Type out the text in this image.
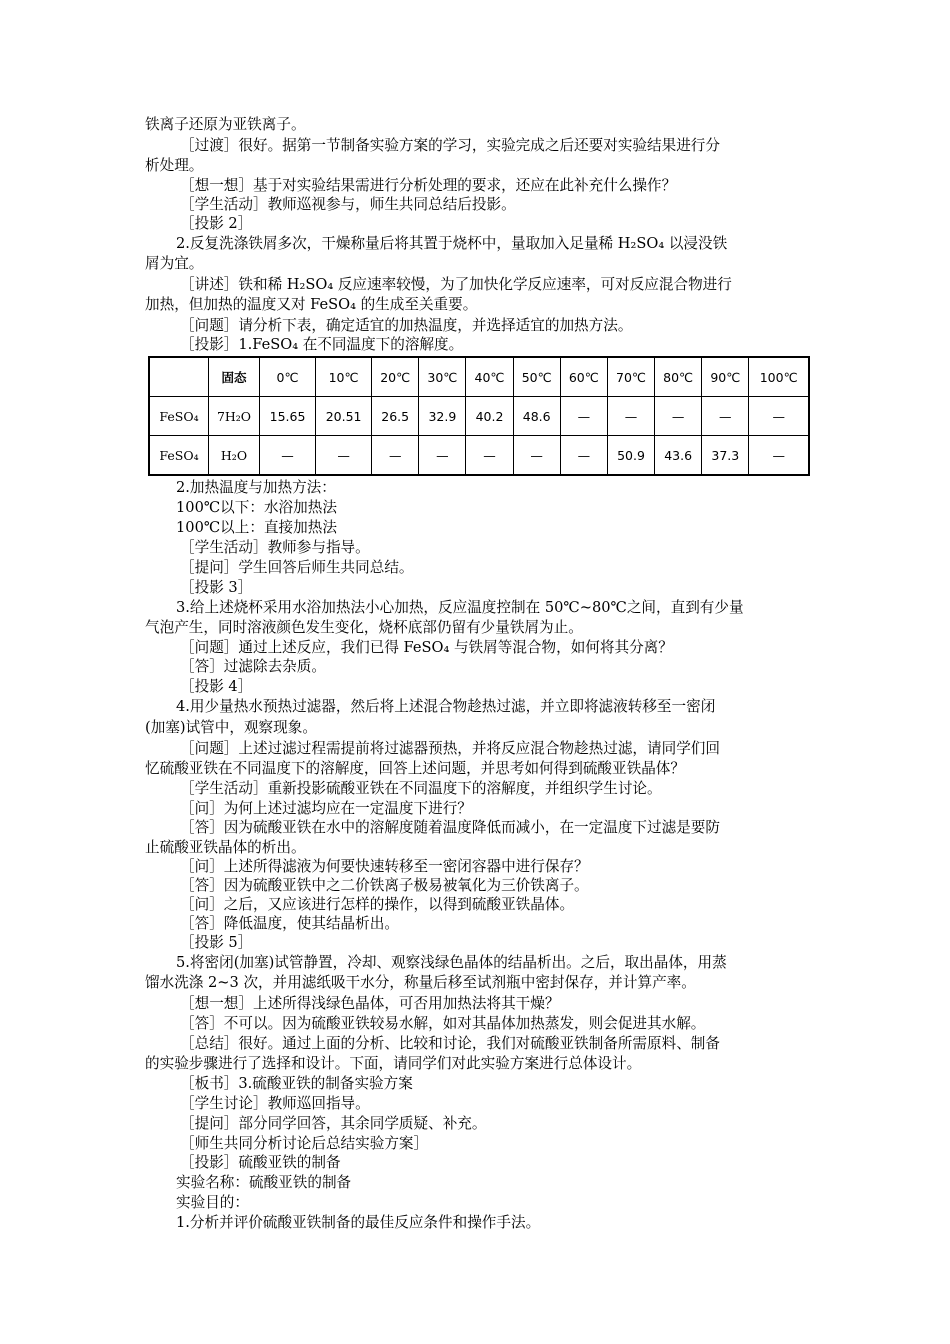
铁离子还原为亚铁离子。
［过渡］很好。据第一节制备实验方案的学习，实验完成之后还要对实验结果进行分
析处理。
［想一想］基于对实验结果需进行分析处理的要求，还应在此补充什么操作？
［学生活动］教师巡视参与，师生共同总结后投影。
［投影 2］
2.反复洗涤铁屑多次，干燥称量后将其置于烧杯中，量取加入足量稀 H₂SO₄ 以浸没铁
屑为宜。
［讲述］铁和稀 H₂SO₄ 反应速率较慢，为了加快化学反应速率，可对反应混合物进行
加热，但加热的温度又对 FeSO₄ 的生成至关重要。
［问题］请分析下表，确定适宜的加热温度，并选择适宜的加热方法。
［投影］1.FeSO₄ 在不同温度下的溶解度。
	固态	0℃	10℃	20℃	30℃	40℃	50℃	60℃	70℃	80℃	90℃	100℃
FeSO₄	7H₂O	15.65	20.51	26.5	32.9	40.2	48.6	—	—	—	—	—
FeSO₄	H₂O	—	—	—	—	—	—	—	50.9	43.6	37.3	—
2.加热温度与加热方法：
100℃以下：水浴加热法
100℃以上：直接加热法
［学生活动］教师参与指导。
［提问］学生回答后师生共同总结。
［投影 3］
3.给上述烧杯采用水浴加热法小心加热，反应温度控制在 50℃~80℃之间，直到有少量
气泡产生，同时溶液颜色发生变化，烧杯底部仍留有少量铁屑为止。
［问题］通过上述反应，我们已得 FeSO₄ 与铁屑等混合物，如何将其分离？
［答］过滤除去杂质。
［投影 4］
4.用少量热水预热过滤器，然后将上述混合物趁热过滤，并立即将滤液转移至一密闭
(加塞)试管中，观察现象。
［问题］上述过滤过程需提前将过滤器预热，并将反应混合物趁热过滤，请同学们回
忆硫酸亚铁在不同温度下的溶解度，回答上述问题，并思考如何得到硫酸亚铁晶体？
［学生活动］重新投影硫酸亚铁在不同温度下的溶解度，并组织学生讨论。
［问］为何上述过滤均应在一定温度下进行？
［答］因为硫酸亚铁在水中的溶解度随着温度降低而减小，在一定温度下过滤是要防
止硫酸亚铁晶体的析出。
［问］上述所得滤液为何要快速转移至一密闭容器中进行保存？
［答］因为硫酸亚铁中之二价铁离子极易被氧化为三价铁离子。
［问］之后，又应该进行怎样的操作，以得到硫酸亚铁晶体。
［答］降低温度，使其结晶析出。
［投影 5］
5.将密闭(加塞)试管静置，冷却、观察浅绿色晶体的结晶析出。之后，取出晶体，用蒸
馏水洗涤 2~3 次，并用滤纸吸干水分，称量后移至试剂瓶中密封保存，并计算产率。
［想一想］上述所得浅绿色晶体，可否用加热法将其干燥？
［答］不可以。因为硫酸亚铁较易水解，如对其晶体加热蒸发，则会促进其水解。
［总结］很好。通过上面的分析、比较和讨论，我们对硫酸亚铁制备所需原料、制备
的实验步骤进行了选择和设计。下面，请同学们对此实验方案进行总体设计。
［板书］3.硫酸亚铁的制备实验方案
［学生讨论］教师巡回指导。
［提问］部分同学回答，其余同学质疑、补充。
［师生共同分析讨论后总结实验方案］
［投影］硫酸亚铁的制备
实验名称：硫酸亚铁的制备
实验目的：
1.分析并评价硫酸亚铁制备的最佳反应条件和操作手法。
